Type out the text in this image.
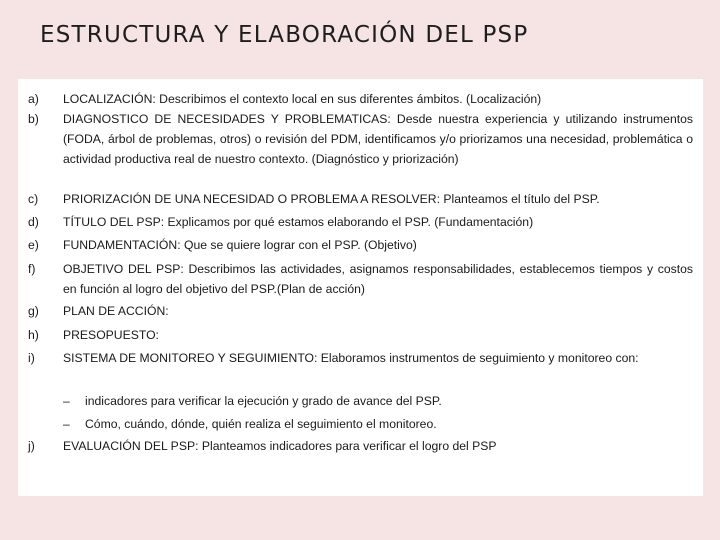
ESTRUCTURA Y ELABORACIÓN DEL PSP
a)	LOCALIZACIÓN: Describimos el contexto local en sus diferentes ámbitos. (Localización)
b)	DIAGNOSTICO DE NECESIDADES Y PROBLEMATICAS: Desde nuestra experiencia y utilizando instrumentos (FODA, árbol de problemas, otros) o revisión del PDM, identificamos y/o priorizamos una necesidad, problemática o actividad productiva real de nuestro contexto. (Diagnóstico y priorización)
c)	PRIORIZACIÓN DE UNA NECESIDAD O PROBLEMA A RESOLVER: Planteamos el título del PSP.
d)	TÍTULO DEL PSP: Explicamos por qué estamos elaborando el PSP. (Fundamentación)
e)	FUNDAMENTACIÓN: Que se quiere lograr con el PSP. (Objetivo)
f)	OBJETIVO DEL PSP: Describimos las actividades, asignamos responsabilidades, establecemos tiempos y costos en función al logro del objetivo del PSP.(Plan de acción)
g)	PLAN DE ACCIÓN:
h)	PRESOPUESTO:
i)	SISTEMA DE MONITOREO Y SEGUIMIENTO: Elaboramos instrumentos de seguimiento y monitoreo con:
– indicadores para verificar la ejecución y grado de avance del PSP.
– Cómo, cuándo, dónde, quién realiza el seguimiento el monitoreo.
j)	EVALUACIÓN DEL PSP: Planteamos indicadores para verificar el logro del PSP
